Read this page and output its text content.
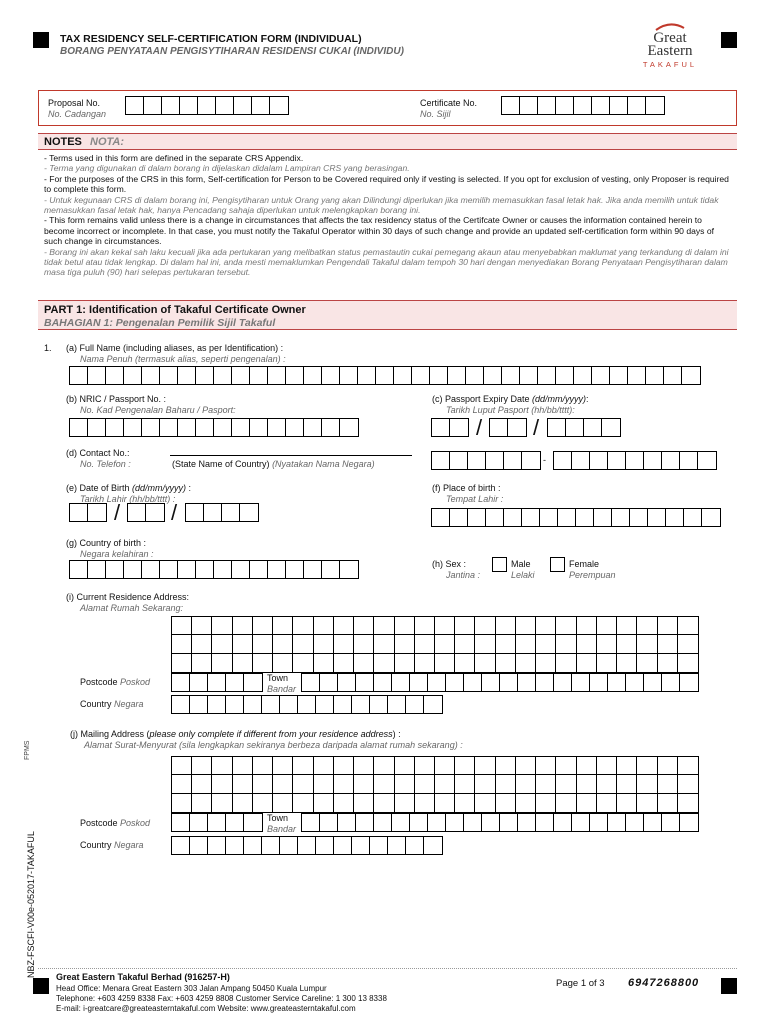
TAX RESIDENCY SELF-CERTIFICATION FORM (INDIVIDUAL)
BORANG PENYATAAN PENGISYTIHARAN RESIDENSI CUKAI (INDIVIDU)
Great
Eastern
TAKAFUL
Proposal No.
No. Cadangan
Certificate No.
No. Sijil
NOTES NOTA:

- Terms used in this form are defined in the separate CRS Appendix.

- Terma yang digunakan di dalam borang in dijelaskan didalam Lampiran CRS yang berasingan.

- For the purposes of the CRS in this form, Self-certification for Person to be Covered required only if vesting is selected. If you opt for exclusion of vesting, only Proposer is required to complete this form.

- Untuk kegunaan CRS di dalam borang ini, Pengisytiharan untuk Orang yang akan Dilindungi diperlukan jika memilih memasukkan fasal letak hak. Jika anda memilih untuk tidak memasukkan fasal letak hak, hanya Pencadang sahaja diperlukan untuk melengkapkan borang ini.

- This form remains valid unless there is a change in circumstances that affects the tax residency status of the Certifcate Owner or causes the information contained herein to become incorrect or incomplete. In that case, you must notify the Takaful Operator within 30 days of such change and provide an updated self-certification form within 90 days of such change in circumstances.

- Borang ini akan kekal sah laku kecuali jika ada pertukaran yang melibatkan status pemastautin cukai pemegang akaun atau menyebabkan maklumat yang terkandung di dalam ini tidak betul atau tidak lengkap. Di dalam hal ini, anda mesti memaklumkan Pengendali Takaful dalam tempoh 30 hari dengan menyediakan Borang Penyataan Pengisytiharan dalam masa tiga puluh (90) hari selepas pertukaran tersebut.

PART 1: Identification of Takaful Certificate Owner
BAHAGIAN 1: Pengenalan Pemilik Sijil Takaful
1. (a) Full Name (including aliases, as per Identification) :
Nama Penuh (termasuk alias, seperti pengenalan) :
(b) NRIC / Passport No. :
No. Kad Pengenalan Baharu / Pasport:
(c) Passport Expiry Date (dd/mm/yyyy):
Tarikh Luput Pasport (hh/bb/tttt):
/ /
(d) Contact No.:
No. Telefon :	(State Name of Country) (Nyatakan Nama Negara)	-
(e) Date of Birth (dd/mm/yyyy) :
Tarikh Lahir (hh/bb/tttt) :
/ /
(f) Place of birth :
Tempat Lahir :
(g) Country of birth :
Negara kelahiran :
(h) Sex :
Jantina :
Male
Lelaki
Female
Perempuan
(i) Current Residence Address:
Alamat Rumah Sekarang:
Postcode Poskod	Town
Bandar
Country Negara
(j) Mailing Address (please only complete if different from your residence address) :
Alamat Surat-Menyurat (sila lengkapkan sekiranya berbeza daripada alamat rumah sekarang) :
Postcode Poskod	Town
Bandar
Country Negara
FPMS
NBZ-FSCFI-V00e-052017-TAKAFUL Great Eastern Takaful Berhad (916257-H)
Head Office: Menara Great Eastern 303 Jalan Ampang 50450 Kuala Lumpur
Telephone: +603 4259 8338 Fax: +603 4259 8808 Customer Service Careline: 1 300 13 8338
E-mail: i-greatcare@greateasterntakaful.com Website: www.greateasterntakaful.com
Page 1 of 3 6947268800
